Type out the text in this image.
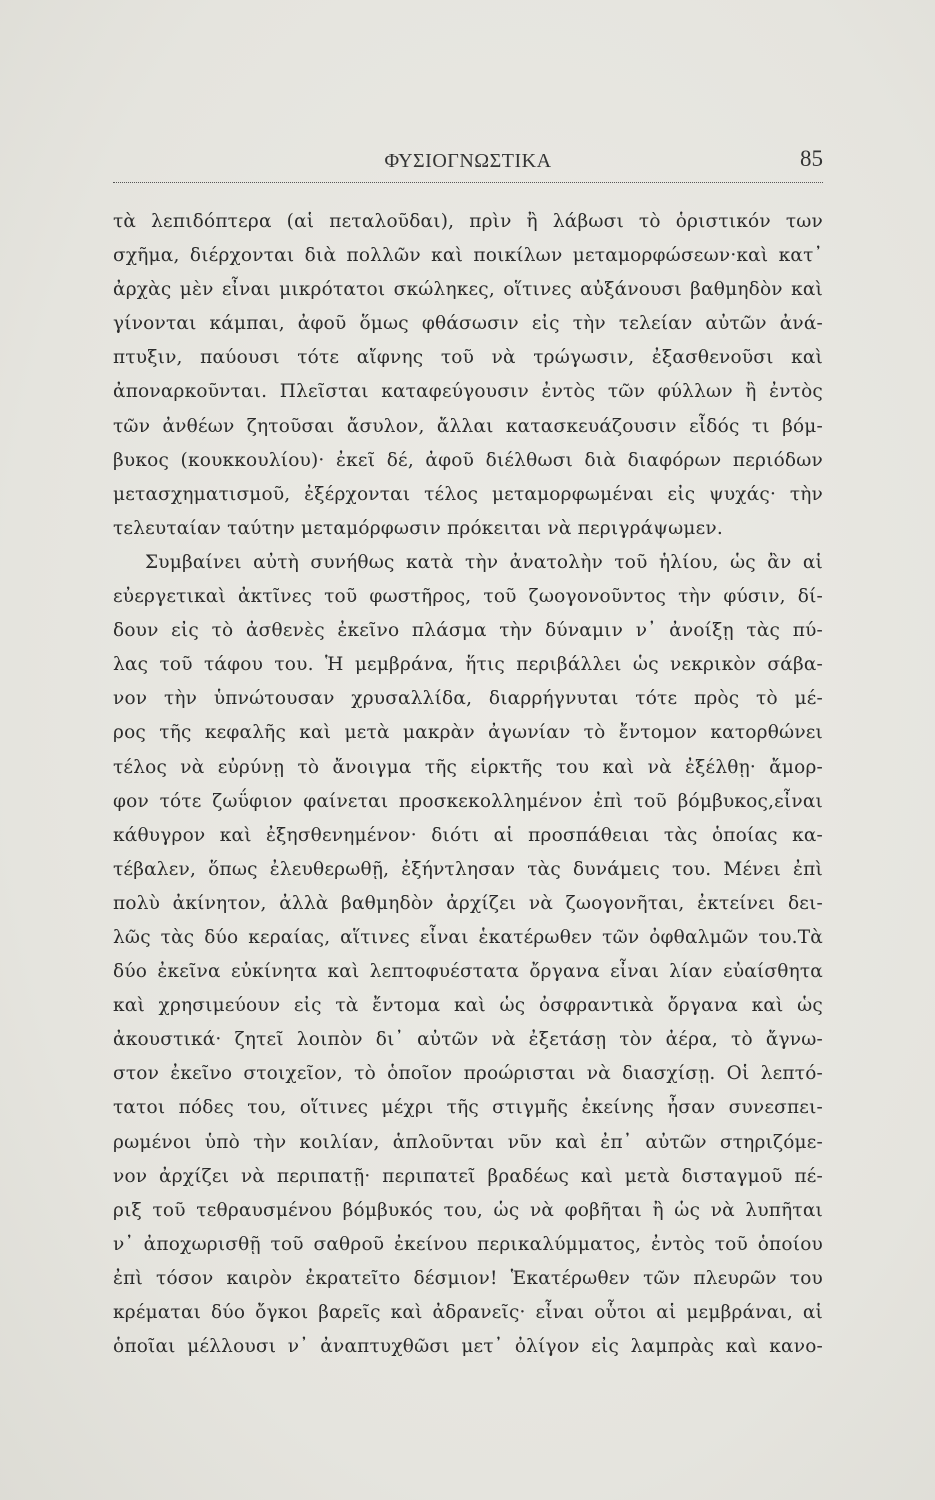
ΦΥΣΙΟΓΝΩΣΤΙΚΑ	85
τὰ λεπιδόπτερα (αἱ πεταλοῦδαι), πρὶν ἢ λάβωσι τὸ ὁριστικόν των
σχῆμα, διέρχονται διὰ πολλῶν καὶ ποικίλων μεταμορφώσεων·καὶ κατ᾽
ἀρχὰς μὲν εἶναι μικρότατοι σκώληκες, οἵτινες αὐξάνουσι βαθμηδὸν καὶ
γίνονται κάμπαι, ἀφοῦ ὅμως φθάσωσιν εἰς τὴν τελείαν αὐτῶν ἀνά-
πτυξιν, παύουσι τότε αἴφνης τοῦ νὰ τρώγωσιν, ἐξασθενοῦσι καὶ
ἀποναρκοῦνται. Πλεῖσται καταφεύγουσιν ἐντὸς τῶν φύλλων ἢ ἐντὸς
τῶν ἀνθέων ζητοῦσαι ἄσυλον, ἄλλαι κατασκευάζουσιν εἶδός τι βόμ-
βυκος (κουκκουλίου)· ἐκεῖ δέ, ἀφοῦ διέλθωσι διὰ διαφόρων περιόδων
μετασχηματισμοῦ, ἐξέρχονται τέλος μεταμορφωμέναι εἰς ψυχάς· τὴν
τελευταίαν ταύτην μεταμόρφωσιν πρόκειται νὰ περιγράψωμεν.
Συμβαίνει αὐτὴ συνήθως κατὰ τὴν ἀνατολὴν τοῦ ἡλίου, ὡς ἂν αἱ
εὐεργετικαὶ ἀκτῖνες τοῦ φωστῆρος, τοῦ ζωογονοῦντος τὴν φύσιν, δί-
δουν εἰς τὸ ἀσθενὲς ἐκεῖνο πλάσμα τὴν δύναμιν ν᾽ ἀνοίξῃ τὰς πύ-
λας τοῦ τάφου του. Ἡ μεμβράνα, ἥτις περιβάλλει ὡς νεκρικὸν σάβα-
νον τὴν ὑπνώτουσαν χρυσαλλίδα, διαρρήγνυται τότε πρὸς τὸ μέ-
ρος τῆς κεφαλῆς καὶ μετὰ μακρὰν ἀγωνίαν τὸ ἔντομον κατορθώνει
τέλος νὰ εὐρύνῃ τὸ ἄνοιγμα τῆς εἱρκτῆς του καὶ νὰ ἐξέλθῃ· ἄμορ-
φον τότε ζωΰφιον φαίνεται προσκεκολλημένον ἐπὶ τοῦ βόμβυκος,εἶναι
κάθυγρον καὶ ἐξησθενημένον· διότι αἱ προσπάθειαι τὰς ὁποίας κα-
τέβαλεν, ὅπως ἐλευθερωθῇ, ἐξήντλησαν τὰς δυνάμεις του. Μένει ἐπὶ
πολὺ ἀκίνητον, ἀλλὰ βαθμηδὸν ἀρχίζει νὰ ζωογονῆται, ἐκτείνει δει-
λῶς τὰς δύο κεραίας, αἵτινες εἶναι ἑκατέρωθεν τῶν ὀφθαλμῶν του.Τὰ
δύο ἐκεῖνα εὐκίνητα καὶ λεπτοφυέστατα ὄργανα εἶναι λίαν εὐαίσθητα
καὶ χρησιμεύουν εἰς τὰ ἔντομα καὶ ὡς ὀσφραντικὰ ὄργανα καὶ ὡς
ἀκουστικά· ζητεῖ λοιπὸν δι᾽ αὐτῶν νὰ ἐξετάσῃ τὸν ἀέρα, τὸ ἄγνω-
στον ἐκεῖνο στοιχεῖον, τὸ ὁποῖον προώρισται νὰ διασχίσῃ. Οἱ λεπτό-
τατοι πόδες του, οἵτινες μέχρι τῆς στιγμῆς ἐκείνης ἦσαν συνεσπει-
ρωμένοι ὑπὸ τὴν κοιλίαν, ἁπλοῦνται νῦν καὶ ἐπ᾽ αὐτῶν στηριζόμε-
νον ἀρχίζει νὰ περιπατῇ· περιπατεῖ βραδέως καὶ μετὰ δισταγμοῦ πέ-
ριξ τοῦ τεθραυσμένου βόμβυκός του, ὡς νὰ φοβῆται ἢ ὡς νὰ λυπῆται
ν᾽ ἀποχωρισθῇ τοῦ σαθροῦ ἐκείνου περικαλύμματος, ἐντὸς τοῦ ὁποίου
ἐπὶ τόσον καιρὸν ἐκρατεῖτο δέσμιον! Ἑκατέρωθεν τῶν πλευρῶν του
κρέμαται δύο ὄγκοι βαρεῖς καὶ ἀδρανεῖς· εἶναι οὗτοι αἱ μεμβράναι, αἱ
ὁποῖαι μέλλουσι ν᾽ ἀναπτυχθῶσι μετ᾽ ὀλίγον εἰς λαμπρὰς καὶ κανο-
